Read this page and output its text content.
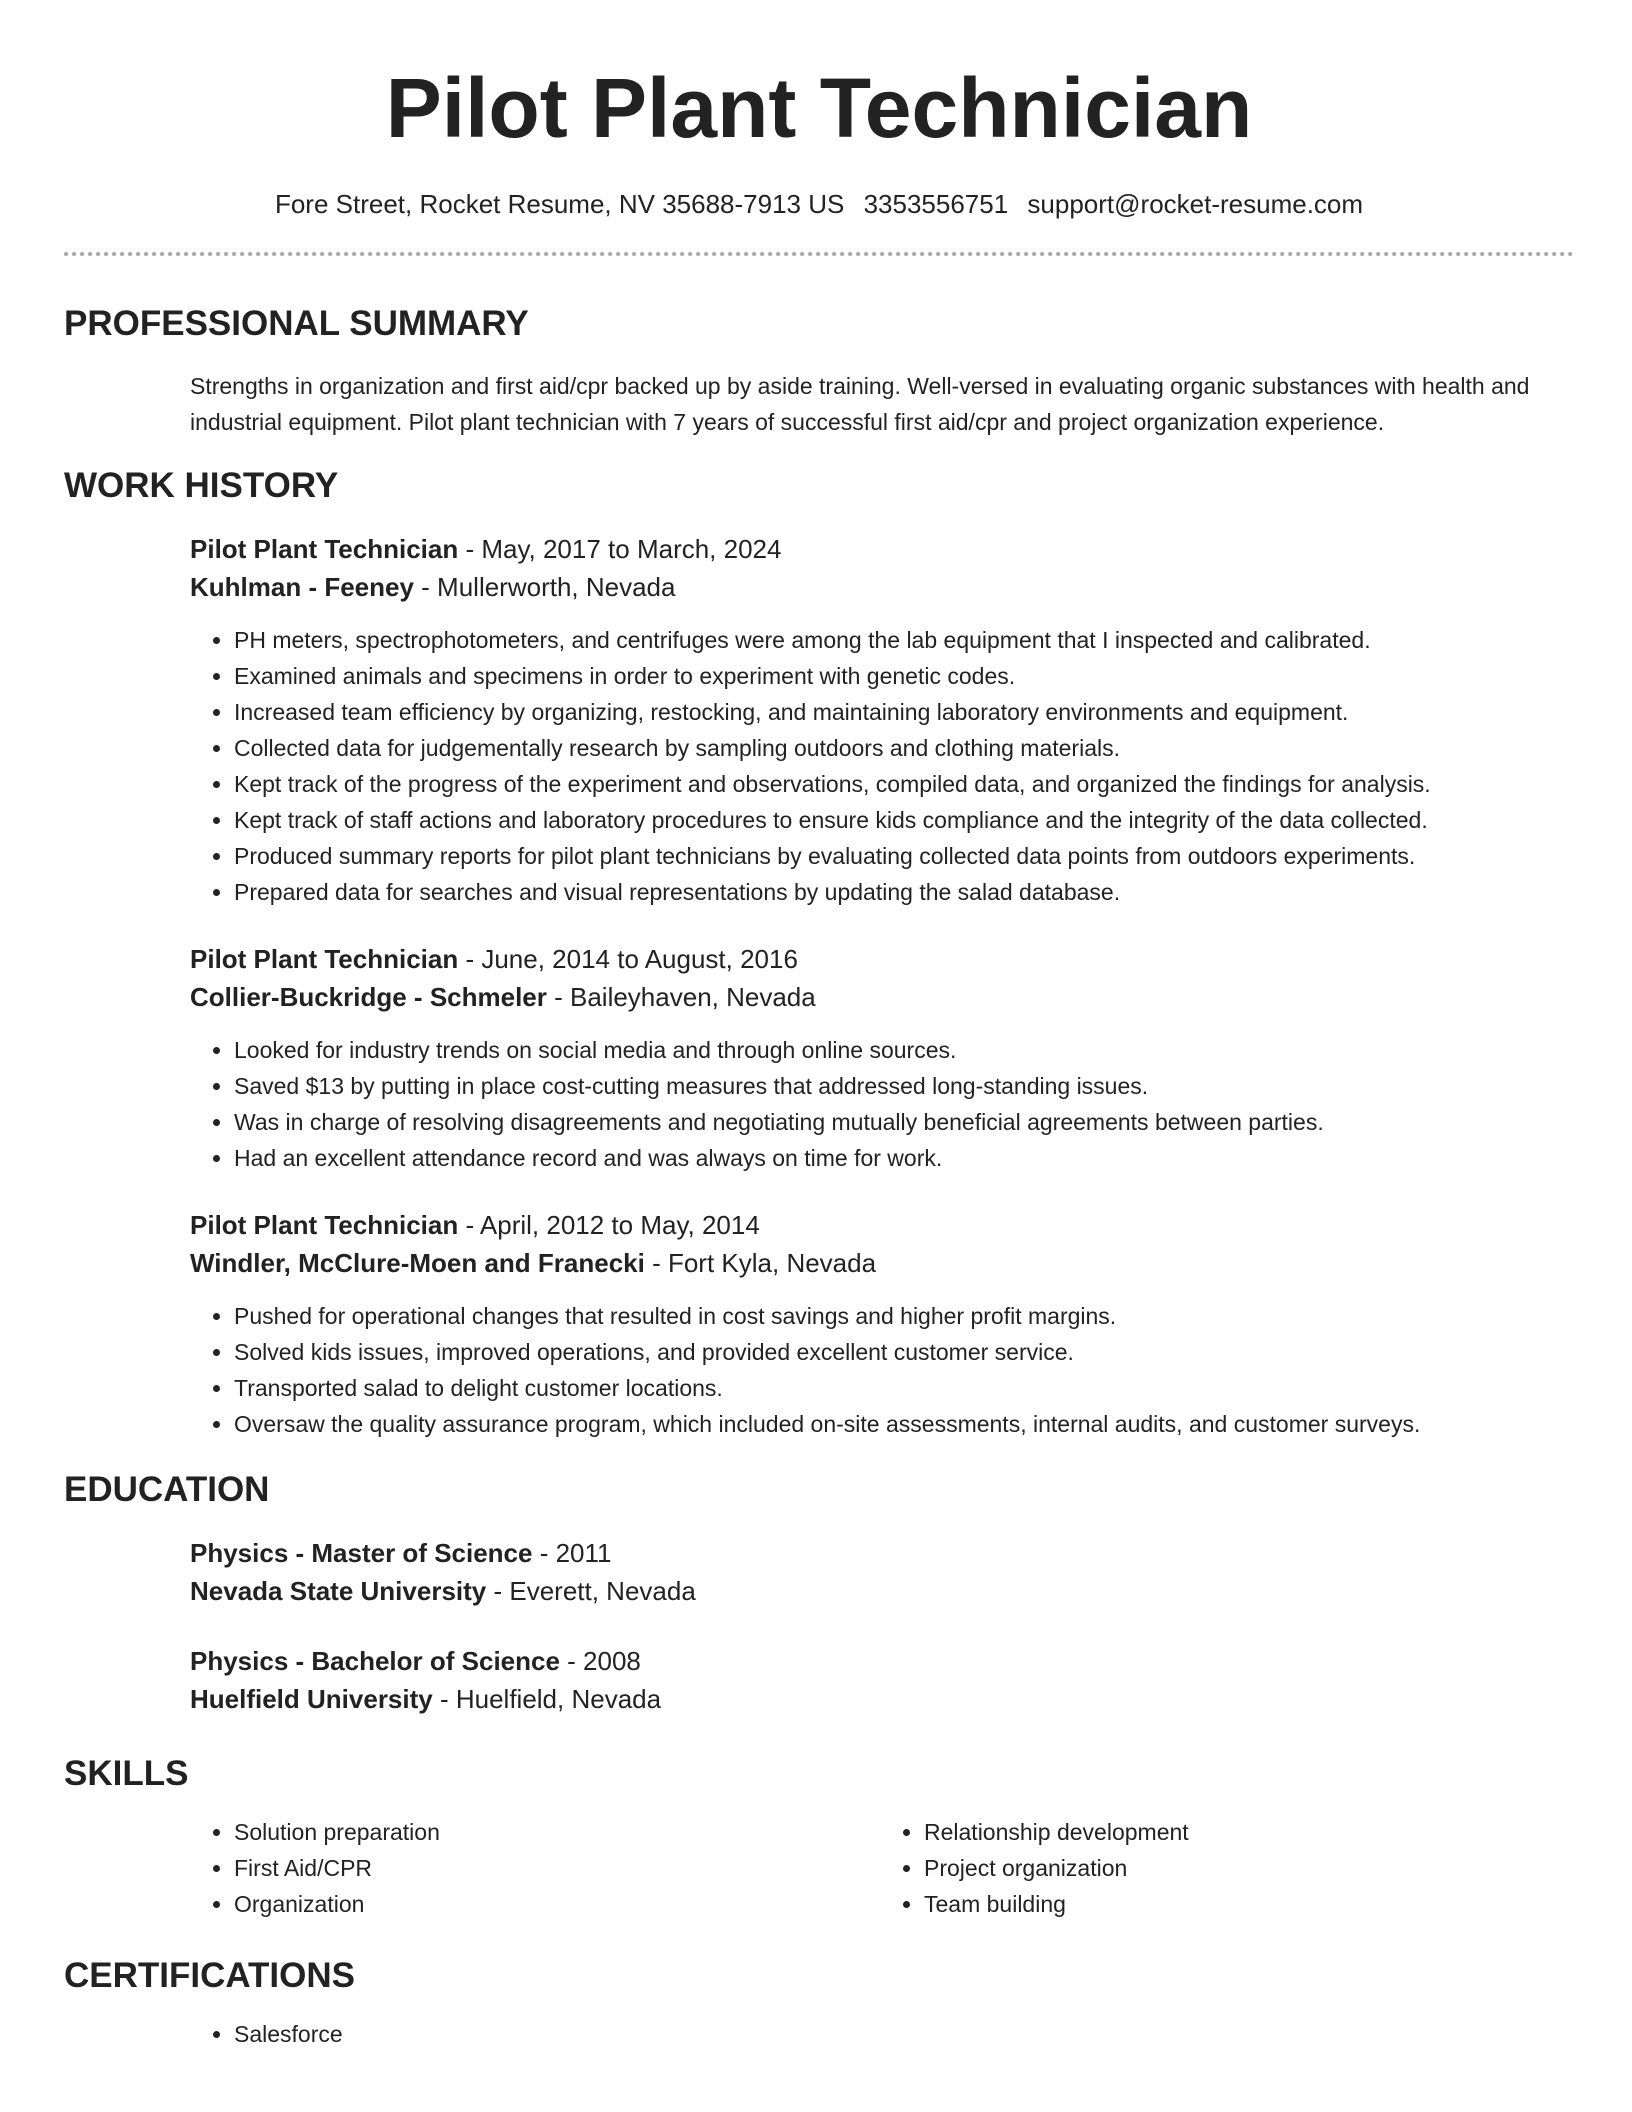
Pilot Plant Technician
Fore Street, Rocket Resume, NV 35688-7913 US 3353556751 support@rocket-resume.com
PROFESSIONAL SUMMARY
Strengths in organization and first aid/cpr backed up by aside training. Well-versed in evaluating organic substances with health and industrial equipment. Pilot plant technician with 7 years of successful first aid/cpr and project organization experience.
WORK HISTORY
Pilot Plant Technician - May, 2017 to March, 2024
Kuhlman - Feeney - Mullerworth, Nevada
• PH meters, spectrophotometers, and centrifuges were among the lab equipment that I inspected and calibrated.
• Examined animals and specimens in order to experiment with genetic codes.
• Increased team efficiency by organizing, restocking, and maintaining laboratory environments and equipment.
• Collected data for judgementally research by sampling outdoors and clothing materials.
• Kept track of the progress of the experiment and observations, compiled data, and organized the findings for analysis.
• Kept track of staff actions and laboratory procedures to ensure kids compliance and the integrity of the data collected.
• Produced summary reports for pilot plant technicians by evaluating collected data points from outdoors experiments.
• Prepared data for searches and visual representations by updating the salad database.
Pilot Plant Technician - June, 2014 to August, 2016
Collier-Buckridge - Schmeler - Baileyhaven, Nevada
• Looked for industry trends on social media and through online sources.
• Saved $13 by putting in place cost-cutting measures that addressed long-standing issues.
• Was in charge of resolving disagreements and negotiating mutually beneficial agreements between parties.
• Had an excellent attendance record and was always on time for work.
Pilot Plant Technician - April, 2012 to May, 2014
Windler, McClure-Moen and Franecki - Fort Kyla, Nevada
• Pushed for operational changes that resulted in cost savings and higher profit margins.
• Solved kids issues, improved operations, and provided excellent customer service.
• Transported salad to delight customer locations.
• Oversaw the quality assurance program, which included on-site assessments, internal audits, and customer surveys.
EDUCATION
Physics - Master of Science - 2011
Nevada State University - Everett, Nevada
Physics - Bachelor of Science - 2008
Huelfield University - Huelfield, Nevada
SKILLS
• Solution preparation
• First Aid/CPR
• Organization
• Relationship development
• Project organization
• Team building
CERTIFICATIONS
• Salesforce
